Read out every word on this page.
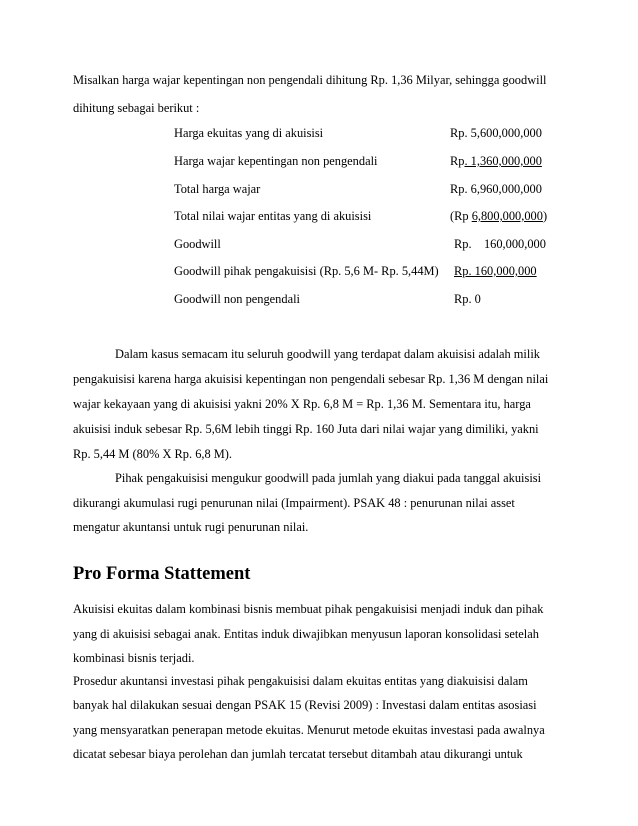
Misalkan harga wajar kepentingan non pengendali dihitung Rp. 1,36 Milyar, sehingga goodwill
dihitung sebagai berikut :
Harga ekuitas yang di akuisisi	Rp. 5,600,000,000
Harga wajar kepentingan non pengendali	Rp. 1,360,000,000
Total harga wajar	Rp. 6,960,000,000
Total nilai wajar entitas yang di akuisisi	(Rp 6,800,000,000)
Goodwill	Rp.    160,000,000
Goodwill pihak pengakuisisi (Rp. 5,6 M- Rp. 5,44M) Rp. 160,000,000
Goodwill non pengendali	Rp. 0
Dalam kasus semacam itu seluruh goodwill yang terdapat dalam akuisisi adalah milik
pengakuisisi karena harga akuisisi kepentingan non pengendali sebesar Rp. 1,36 M dengan nilai
wajar kekayaan yang di akuisisi yakni 20% X Rp. 6,8 M = Rp. 1,36 M. Sementara itu, harga
akuisisi induk sebesar Rp. 5,6M lebih tinggi Rp. 160 Juta dari nilai wajar yang dimiliki, yakni
Rp. 5,44 M (80% X Rp. 6,8 M).
Pihak pengakuisisi mengukur goodwill pada jumlah yang diakui pada tanggal akuisisi
dikurangi akumulasi rugi penurunan nilai (Impairment). PSAK 48 : penurunan nilai asset
mengatur akuntansi untuk rugi penurunan nilai.
Pro Forma Stattement
Akuisisi ekuitas dalam kombinasi bisnis membuat pihak pengakuisisi menjadi induk dan pihak
yang di akuisisi sebagai anak. Entitas induk diwajibkan menyusun laporan konsolidasi setelah
kombinasi bisnis terjadi.
Prosedur akuntansi investasi pihak pengakuisisi dalam ekuitas entitas yang diakuisisi dalam
banyak hal dilakukan sesuai dengan PSAK 15 (Revisi 2009) : Investasi dalam entitas asosiasi
yang mensyaratkan penerapan metode ekuitas. Menurut metode ekuitas investasi pada awalnya
dicatat sebesar biaya perolehan dan jumlah tercatat tersebut ditambah atau dikurangi untuk
